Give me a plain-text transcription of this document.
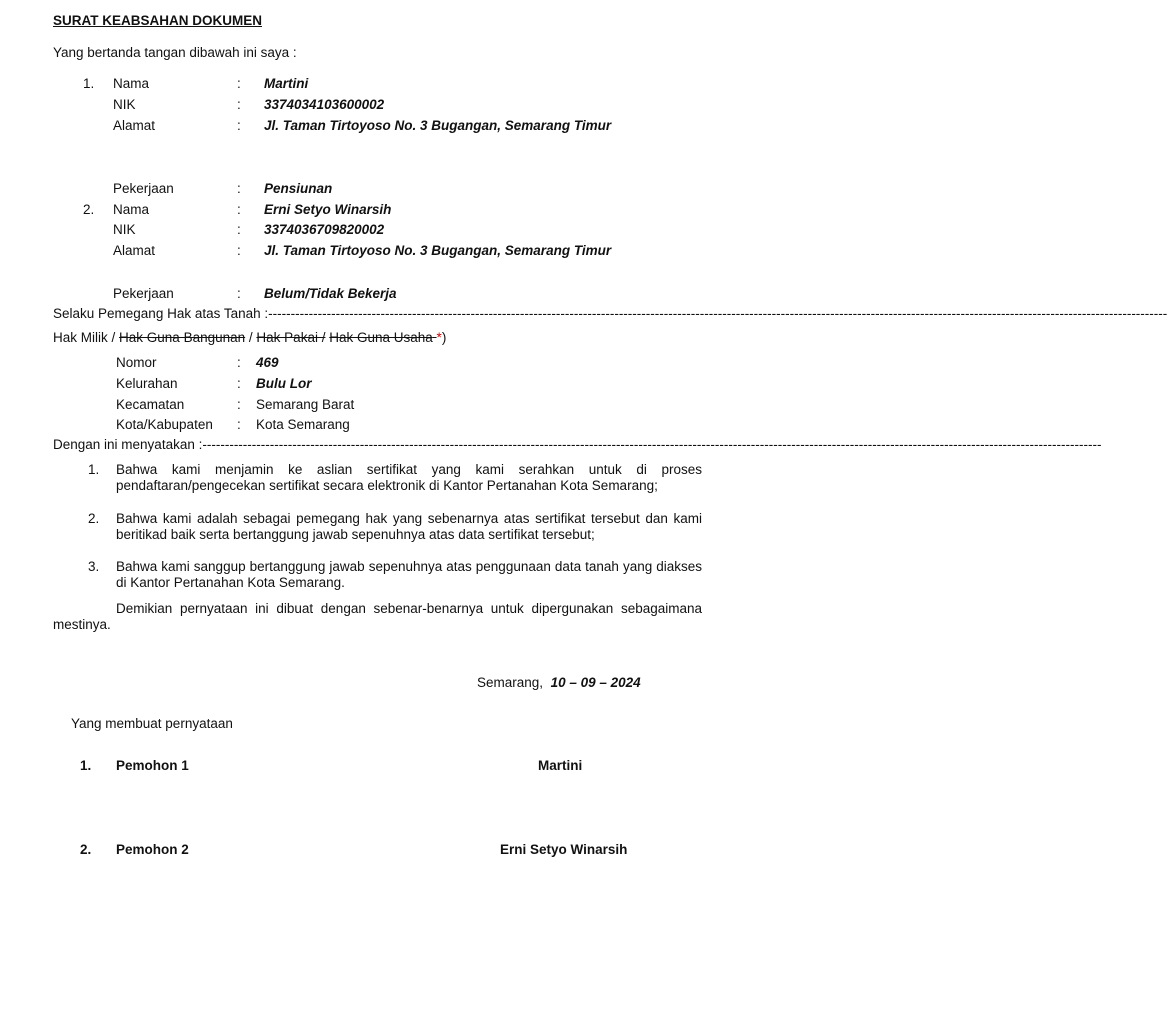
SURAT KEABSAHAN DOKUMEN
Yang bertanda tangan dibawah ini saya :
1. Nama	: Martini
NIK	: 3374034103600002
Alamat	: Jl. Taman Tirtoyoso No. 3 Bugangan, Semarang Timur
Pekerjaan	: Pensiunan
2. Nama	: Erni Setyo Winarsih
NIK	: 3374036709820002
Alamat	: Jl. Taman Tirtoyoso No. 3 Bugangan, Semarang Timur
Pekerjaan	: Belum/Tidak Bekerja
Selaku Pemegang Hak atas Tanah :--------------------------------------------------------------------------------------------------------------------------------------------------------------------------------------------------------
Hak Milik / Hak Guna Bangunan / Hak Pakai / Hak Guna Usaha *)
Nomor	: 469
Kelurahan	: Bulu Lor
Kecamatan	: Semarang Barat
Kota/Kabupaten : Kota Semarang
Dengan ini menyatakan :--------------------------------------------------------------------------------------------------------------------------------------------------------------------------------------------------------
1. Bahwa kami menjamin ke aslian sertifikat yang kami serahkan untuk di proses pendaftaran/pengecekan sertifikat secara elektronik di Kantor Pertanahan Kota Semarang;
2. Bahwa kami adalah sebagai pemegang hak yang sebenarnya atas sertifikat tersebut dan kami beritikad baik serta bertanggung jawab sepenuhnya atas data sertifikat tersebut;
3. Bahwa kami sanggup bertanggung jawab sepenuhnya atas penggunaan data tanah yang diakses di Kantor Pertanahan Kota Semarang.
Demikian pernyataan ini dibuat dengan sebenar-benarnya untuk dipergunakan sebagaimana mestinya.
Semarang, 10 – 09 – 2024
Yang membuat pernyataan
1. Pemohon 1	Martini
2. Pemohon 2	Erni Setyo Winarsih
